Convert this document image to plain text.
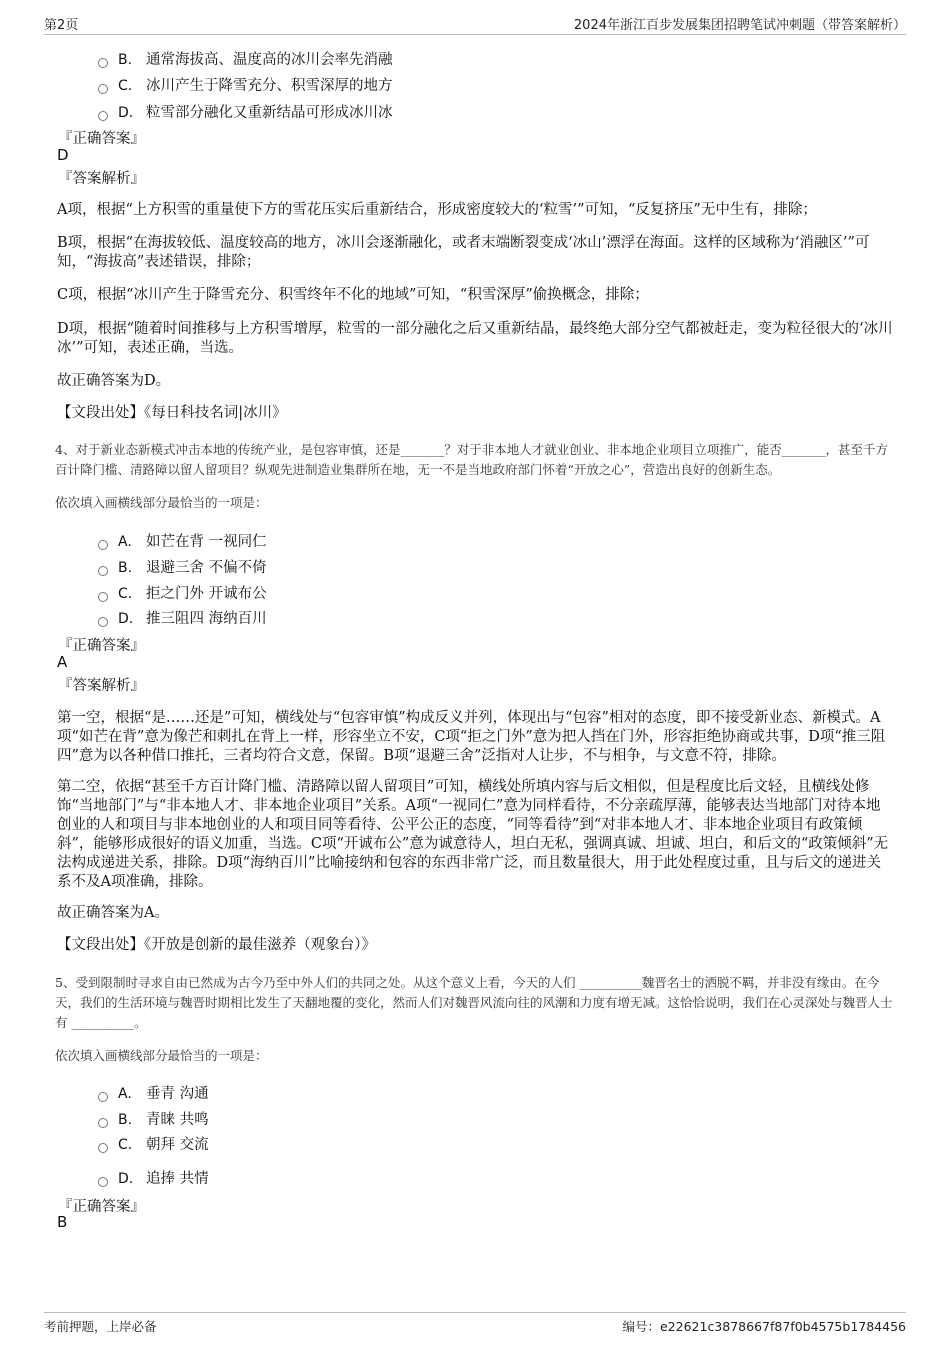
第2页	2024年浙江百步发展集团招聘笔试冲刺题（带答案解析）
B. 通常海拔高、温度高的冰川会率先消融
C. 冰川产生于降雪充分、积雪深厚的地方
D. 粒雪部分融化又重新结晶可形成冰川冰
『正确答案』
D
『答案解析』
A项，根据“上方积雪的重量使下方的雪花压实后重新结合，形成密度较大的‘粒雪’”可知，“反复挤压”无中生有，排除；
B项，根据“在海拔较低、温度较高的地方，冰川会逐渐融化，或者末端断裂变成‘冰山’漂浮在海面。这样的区域称为‘消融区’”可知，“海拔高”表述错误，排除；
C项，根据“冰川产生于降雪充分、积雪终年不化的地域”可知，“积雪深厚”偷换概念，排除；
D项，根据“随着时间推移与上方积雪增厚，粒雪的一部分融化之后又重新结晶，最终绝大部分空气都被赶走，变为粒径很大的‘冰川冰’”可知，表述正确，当选。
故正确答案为D。
【文段出处】《每日科技名词|冰川》
4、对于新业态新模式冲击本地的传统产业，是包容审慎，还是_______？对于非本地人才就业创业、非本地企业项目立项推广，能否_______，甚至千方百计降门槛、清路障以留人留项目？纵观先进制造业集群所在地，无一不是当地政府部门怀着“开放之心”，营造出良好的创新生态。
依次填入画横线部分最恰当的一项是：
A. 如芒在背 一视同仁
B. 退避三舍 不偏不倚
C. 拒之门外 开诚布公
D. 推三阻四 海纳百川
『正确答案』
A
『答案解析』
第一空，根据“是……还是”可知，横线处与“包容审慎”构成反义并列，体现出与“包容”相对的态度，即不接受新业态、新模式。A项“如芒在背”意为像芒和刺扎在背上一样，形容坐立不安，C项“拒之门外”意为把人挡在门外，形容拒绝协商或共事，D项“推三阻四”意为以各种借口推托，三者均符合文意，保留。B项“退避三舍”泛指对人让步，不与相争，与文意不符，排除。
第二空，依据“甚至千方百计降门槛、清路障以留人留项目”可知，横线处所填内容与后文相似，但是程度比后文轻，且横线处修饰“当地部门”与“非本地人才、非本地企业项目”关系。A项“一视同仁”意为同样看待，不分亲疏厚薄，能够表达当地部门对待本地创业的人和项目与非本地创业的人和项目同等看待、公平公正的态度，“同等看待”到“对非本地人才、非本地企业项目有政策倾斜”，能够形成很好的语义加重，当选。C项“开诚布公”意为诚意待人，坦白无私，强调真诚、坦诚、坦白，和后文的“政策倾斜”无法构成递进关系，排除。D项“海纳百川”比喻接纳和包容的东西非常广泛，而且数量很大，用于此处程度过重，且与后文的递进关系不及A项准确，排除。
故正确答案为A。
【文段出处】《开放是创新的最佳滋养（观象台）》
5、受到限制时寻求自由已然成为古今乃至中外人们的共同之处。从这个意义上看，今天的人们 __________魏晋名士的洒脱不羁，并非没有缘由。在今天，我们的生活环境与魏晋时期相比发生了天翻地覆的变化，然而人们对魏晋风流向往的风潮和力度有增无减。这恰恰说明，我们在心灵深处与魏晋人士有 __________。
依次填入画横线部分最恰当的一项是：
A. 垂青 沟通
B. 青睐 共鸣
C. 朝拜 交流
D. 追捧 共情
『正确答案』
B
考前押题，上岸必备	编号：e22621c3878667f87f0b4575b1784456
